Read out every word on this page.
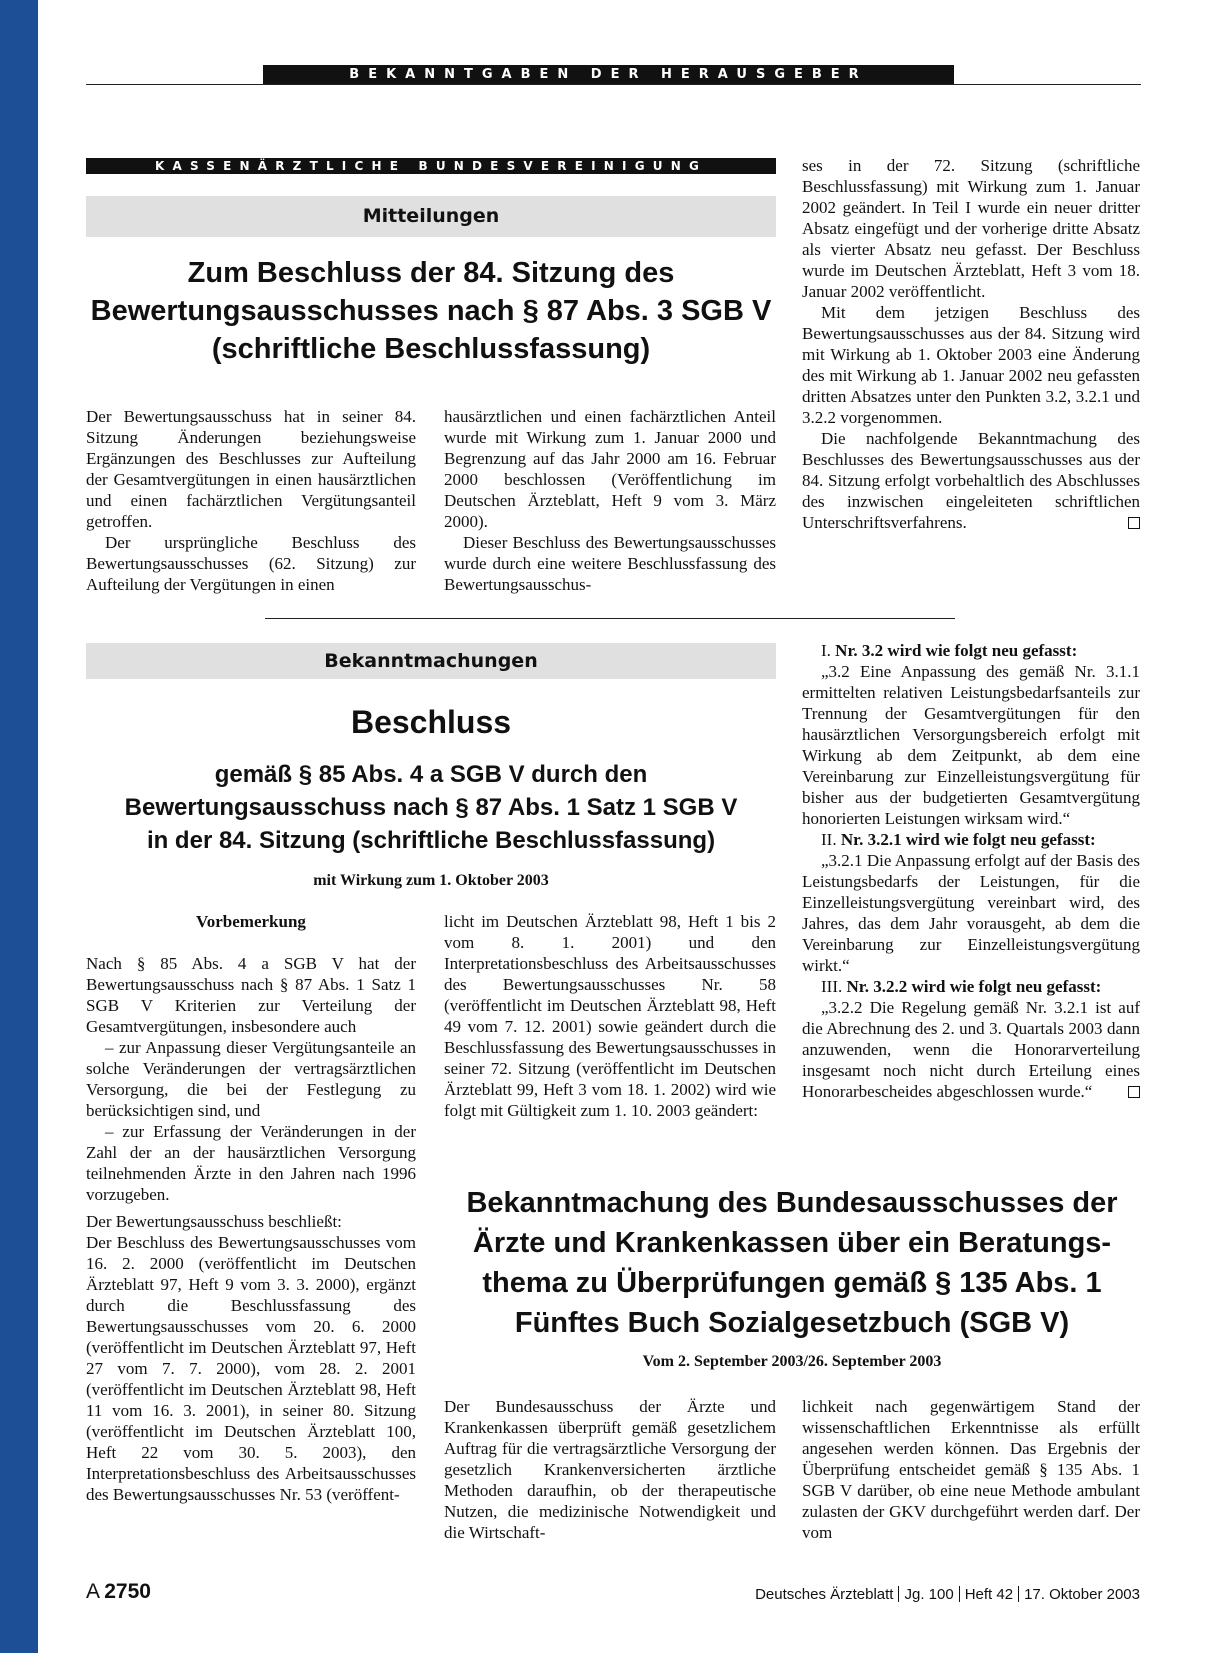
BEKANNTGABEN DER HERAUSGEBER
KASSENÄRZTLICHE BUNDESVEREINIGUNG
Mitteilungen
Zum Beschluss der 84. Sitzung des
Bewertungsausschusses nach § 87 Abs. 3 SGB V
(schriftliche Beschlussfassung)

Der Bewertungsausschuss hat in seiner 84. Sitzung Änderungen beziehungsweise Ergänzungen des Beschlusses zur Aufteilung der Gesamtvergütungen in einen hausärztlichen und einen fachärztlichen Vergütungsanteil getroffen.

Der ursprüngliche Beschluss des Bewertungsausschusses (62. Sitzung) zur Aufteilung der Vergütungen in einen

hausärztlichen und einen fachärztlichen Anteil wurde mit Wirkung zum 1. Januar 2000 und Begrenzung auf das Jahr 2000 am 16. Februar 2000 beschlossen (Veröffentlichung im Deutschen Ärzteblatt, Heft 9 vom 3. März 2000).

Dieser Beschluss des Bewertungsausschusses wurde durch eine weitere Beschlussfassung des Bewertungsausschus-

ses in der 72. Sitzung (schriftliche Beschlussfassung) mit Wirkung zum 1. Januar 2002 geändert. In Teil I wurde ein neuer dritter Absatz eingefügt und der vorherige dritte Absatz als vierter Absatz neu gefasst. Der Beschluss wurde im Deutschen Ärzteblatt, Heft 3 vom 18. Januar 2002 veröffentlicht.

Mit dem jetzigen Beschluss des Bewertungsausschusses aus der 84. Sitzung wird mit Wirkung ab 1. Oktober 2003 eine Änderung des mit Wirkung ab 1. Januar 2002 neu gefassten dritten Absatzes unter den Punkten 3.2, 3.2.1 und 3.2.2 vorgenommen.

Die nachfolgende Bekanntmachung des Beschlusses des Bewertungsausschusses aus der 84. Sitzung erfolgt vorbehaltlich des Abschlusses des inzwischen eingeleiteten schriftlichen Unterschriftsverfahrens.

Bekanntmachungen
Beschluss
gemäß § 85 Abs. 4 a SGB V durch den
Bewertungsausschuss nach § 87 Abs. 1 Satz 1 SGB V
in der 84. Sitzung (schriftliche Beschlussfassung)
mit Wirkung zum 1. Oktober 2003

Vorbemerkung

Nach § 85 Abs. 4 a SGB V hat der Bewertungsausschuss nach § 87 Abs. 1 Satz 1 SGB V Kriterien zur Verteilung der Gesamtvergütungen, insbesondere auch

– zur Anpassung dieser Vergütungsanteile an solche Veränderungen der vertragsärztlichen Versorgung, die bei der Festlegung zu berücksichtigen sind, und

– zur Erfassung der Veränderungen in der Zahl der an der hausärztlichen Versorgung teilnehmenden Ärzte in den Jahren nach 1996 vorzugeben.

Der Bewertungsausschuss beschließt:

Der Beschluss des Bewertungsausschusses vom 16. 2. 2000 (veröffentlicht im Deutschen Ärzteblatt 97, Heft 9 vom 3. 3. 2000), ergänzt durch die Beschlussfassung des Bewertungsausschusses vom 20. 6. 2000 (veröffentlicht im Deutschen Ärzteblatt 97, Heft 27 vom 7. 7. 2000), vom 28. 2. 2001 (veröffentlicht im Deutschen Ärzteblatt 98, Heft 11 vom 16. 3. 2001), in seiner 80. Sitzung (veröffentlicht im Deutschen Ärzteblatt 100, Heft 22 vom 30. 5. 2003), den Interpretationsbeschluss des Arbeitsausschusses des Bewertungsausschusses Nr. 53 (veröffent-

licht im Deutschen Ärzteblatt 98, Heft 1 bis 2 vom 8. 1. 2001) und den Interpretationsbeschluss des Arbeitsausschusses des Bewertungsausschusses Nr. 58 (veröffentlicht im Deutschen Ärzteblatt 98, Heft 49 vom 7. 12. 2001) sowie geändert durch die Beschlussfassung des Bewertungsausschusses in seiner 72. Sitzung (veröffentlicht im Deutschen Ärzteblatt 99, Heft 3 vom 18. 1. 2002) wird wie folgt mit Gültigkeit zum 1. 10. 2003 geändert:

I. Nr. 3.2 wird wie folgt neu gefasst:

„3.2 Eine Anpassung des gemäß Nr. 3.1.1 ermittelten relativen Leistungsbedarfsanteils zur Trennung der Gesamtvergütungen für den hausärztlichen Versorgungsbereich erfolgt mit Wirkung ab dem Zeitpunkt, ab dem eine Vereinbarung zur Einzelleistungsvergütung für bisher aus der budgetierten Gesamtvergütung honorierten Leistungen wirksam wird.“

II. Nr. 3.2.1 wird wie folgt neu gefasst:

„3.2.1 Die Anpassung erfolgt auf der Basis des Leistungsbedarfs der Leistungen, für die Einzelleistungsvergütung vereinbart wird, des Jahres, das dem Jahr vorausgeht, ab dem die Vereinbarung zur Einzelleistungsvergütung wirkt.“

III. Nr. 3.2.2 wird wie folgt neu gefasst:

„3.2.2 Die Regelung gemäß Nr. 3.2.1 ist auf die Abrechnung des 2. und 3. Quartals 2003 dann anzuwenden, wenn die Honorarverteilung insgesamt noch nicht durch Erteilung eines Honorarbescheides abgeschlossen wurde.“

Bekanntmachung des Bundesausschusses der
Ärzte und Krankenkassen über ein Beratungs-
thema zu Überprüfungen gemäß § 135 Abs. 1
Fünftes Buch Sozialgesetzbuch (SGB V)
Vom 2. September 2003/26. September 2003

Der Bundesausschuss der Ärzte und Krankenkassen überprüft gemäß gesetzlichem Auftrag für die vertragsärztliche Versorgung der gesetzlich Krankenversicherten ärztliche Methoden daraufhin, ob der therapeutische Nutzen, die medizinische Notwendigkeit und die Wirtschaft-

lichkeit nach gegenwärtigem Stand der wissenschaftlichen Erkenntnisse als erfüllt angesehen werden können. Das Ergebnis der Überprüfung entscheidet gemäß § 135 Abs. 1 SGB V darüber, ob eine neue Methode ambulant zulasten der GKV durchgeführt werden darf. Der vom

A  2750	Deutsches Ärzteblatt Jg. 100 Heft 42 17. Oktober 2003
